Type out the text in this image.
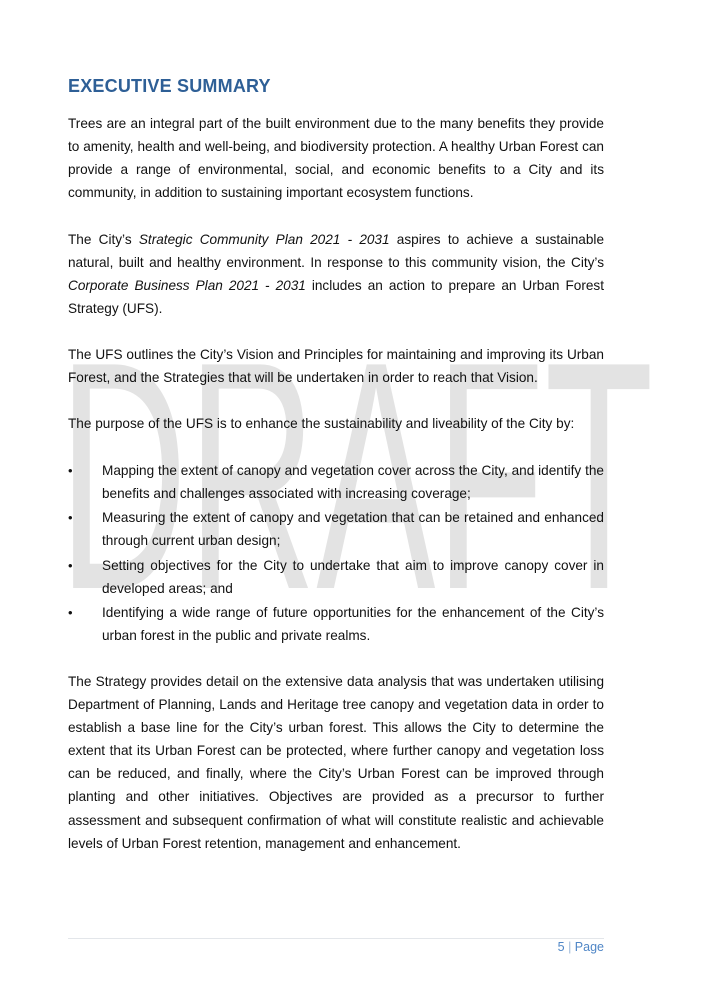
DRAFT
EXECUTIVE SUMMARY

Trees are an integral part of the built environment due to the many benefits they provide to amenity, health and well-being, and biodiversity protection. A healthy Urban Forest can provide a range of environmental, social, and economic benefits to a City and its community, in addition to sustaining important ecosystem functions.

The City’s Strategic Community Plan 2021 - 2031 aspires to achieve a sustainable natural, built and healthy environment. In response to this community vision, the City’s Corporate Business Plan 2021 - 2031 includes an action to prepare an Urban Forest Strategy (UFS).

The UFS outlines the City’s Vision and Principles for maintaining and improving its Urban Forest, and the Strategies that will be undertaken in order to reach that Vision.

The purpose of the UFS is to enhance the sustainability and liveability of the City by:

• Mapping the extent of canopy and vegetation cover across the City, and identify the benefits and challenges associated with increasing coverage;
• Measuring the extent of canopy and vegetation that can be retained and enhanced through current urban design;
• Setting objectives for the City to undertake that aim to improve canopy cover in developed areas; and
• Identifying a wide range of future opportunities for the enhancement of the City’s urban forest in the public and private realms.

The Strategy provides detail on the extensive data analysis that was undertaken utilising Department of Planning, Lands and Heritage tree canopy and vegetation data in order to establish a base line for the City’s urban forest. This allows the City to determine the extent that its Urban Forest can be protected, where further canopy and vegetation loss can be reduced, and finally, where the City’s Urban Forest can be improved through planting and other initiatives. Objectives are provided as a precursor to further assessment and subsequent confirmation of what will constitute realistic and achievable levels of Urban Forest retention, management and enhancement.

5 | Page
